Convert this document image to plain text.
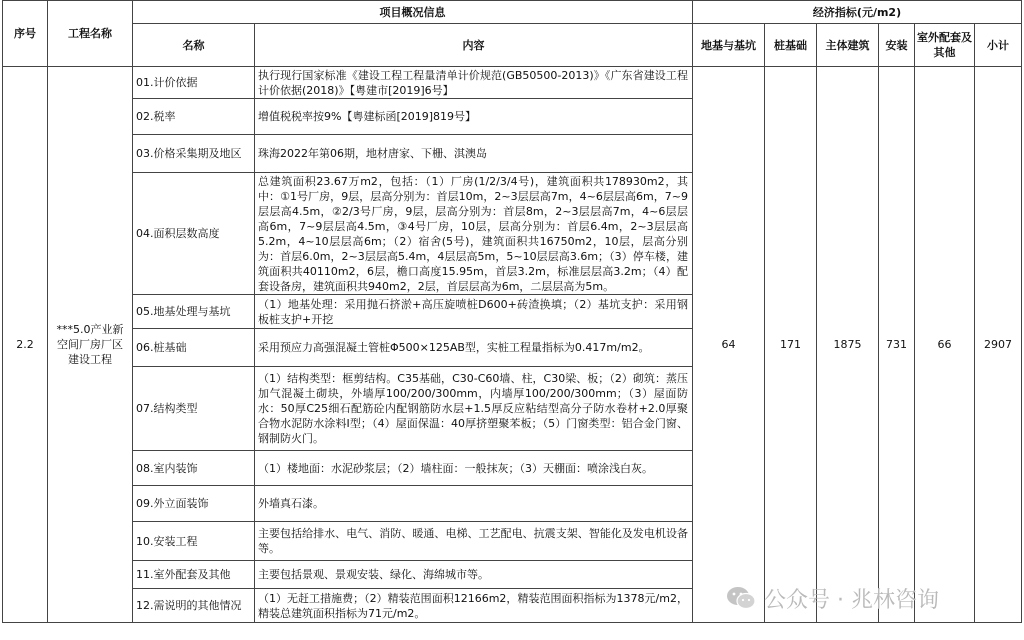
序号	工程名称	项目概况信息		经济指标(元/m2)					
		名称	内容	地基与基坑	桩基础	主体建筑	安装	室外配套及其他	小计
2.2	***5.0产业新空间厂房厂区建设工程	01.计价依据	执行现行国家标准《建设工程工程量清单计价规范(GB50500-2013)》《广东省建设工程计价依据(2018)》【粤建市[2019]6号】	64	171	1875	731	66	2907
		02.税率	增值税税率按9%【粤建标函[2019]819号】						
		03.价格采集期及地区	珠海2022年第06期，地材唐家、下栅、淇澳岛						
		04.面积层数高度	总建筑面积23.67万m2，包括：（1）厂房(1/2/3/4号)，建筑面积共178930m2，其中：①1号厂房，9层，层高分别为：首层10m，2~3层层高7m，4~6层层高6m，7~9层层高4.5m，②2/3号厂房，9层，层高分别为：首层8m，2~3层层高7m，4~6层层高6m，7~9层层高4.5m，③4号厂房，10层，层高分别为：首层6.4m，2~3层层高5.2m，4~10层层高6m；（2）宿舍(5号)，建筑面积共16750m2，10层，层高分别为：首层6.0m，2~3层层高5.4m，4层层高5m，5~10层层高3.6m；（3）停车楼，建筑面积共40110m2，6层，檐口高度15.95m，首层3.2m，标准层层高3.2m；（4）配套设备房，建筑面积共940m2，2层，首层层高为6m，二层层高为5m。						
		05.地基处理与基坑	（1）地基处理：采用抛石挤淤+高压旋喷桩D600+砖渣换填；（2）基坑支护：采用钢板桩支护+开挖						
		06.桩基础	采用预应力高强混凝土管桩Φ500×125AB型，实桩工程量指标为0.417m/m2。						
		07.结构类型	（1）结构类型：框剪结构。C35基础，C30-C60墙、柱，C30梁、板；（2）砌筑：蒸压加气混凝土砌块，外墙厚100/200/300mm，内墙厚100/200/300mm；（3）屋面防水：50厚C25细石配筋砼内配钢筋防水层+1.5厚反应粘结型高分子防水卷材+2.0厚聚合物水泥防水涂料Ⅰ型；（4）屋面保温：40厚挤塑聚苯板；（5）门窗类型：铝合金门窗、钢制防火门。						
		08.室内装饰	（1）楼地面：水泥砂浆层；（2）墙柱面：一般抹灰；（3）天棚面：喷涂浅白灰。						
		09.外立面装饰	外墙真石漆。						
		10.安装工程	主要包括给排水、电气、消防、暖通、电梯、工艺配电、抗震支架、智能化及发电机设备等。						
		11.室外配套及其他	主要包括景观、景观安装、绿化、海绵城市等。						
		12.需说明的其他情况	（1）无赶工措施费；（2）精装范围面积12166m2，精装范围面积指标为1378元/m2，精装总建筑面积指标为71元/m2。						
公众号 · 兆林咨询
